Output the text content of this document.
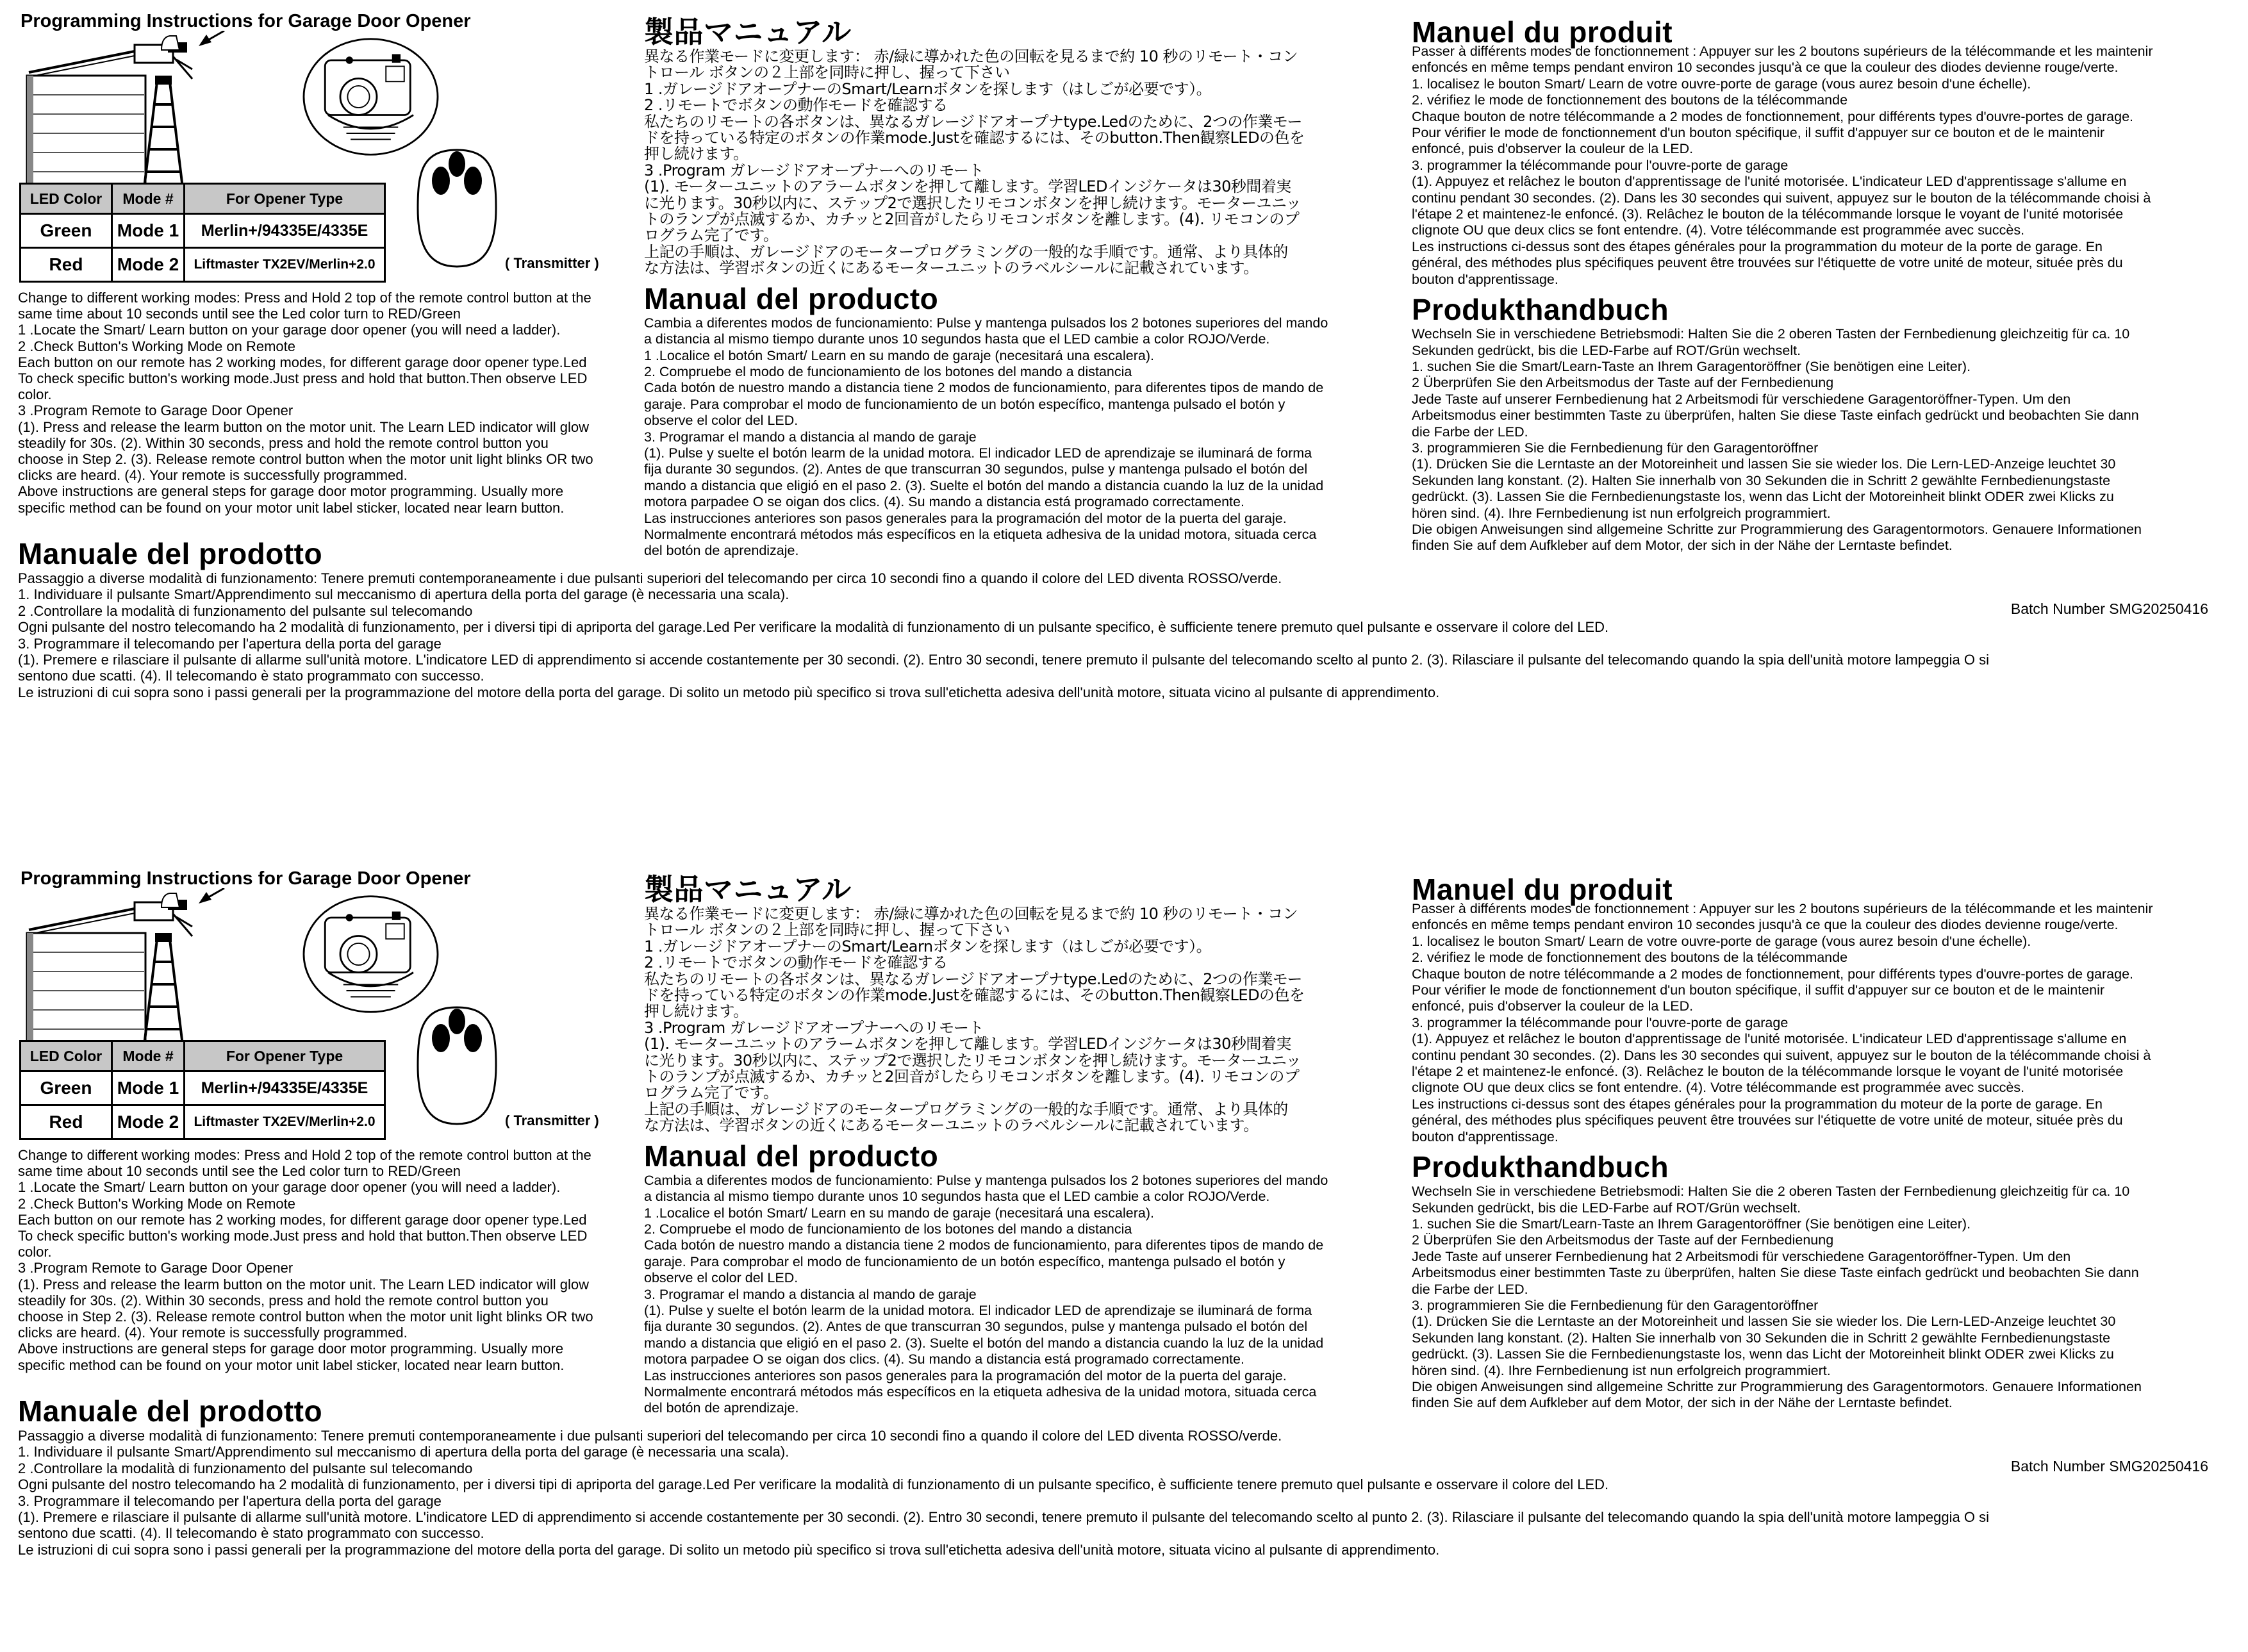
Programming Instructions for Garage Door Opener
LED Color	Mode #	For Opener Type
Green	Mode 1	Merlin+/94335E/4335E
Red	Mode 2	Liftmaster TX2EV/Merlin+2.0	( Transmitter )

Change to different working modes: Press and Hold 2 top of the remote control button at the

same time about 10 seconds until see the Led color turn to RED/Green

1 .Locate the Smart/ Learn button on your garage door opener (you will need a ladder).

2 .Check Button's Working Mode on Remote

Each button on our remote has 2 working modes, for different garage door opener type.Led

To check specific button's working mode.Just press and hold that button.Then observe LED

color.

3 .Program Remote to Garage Door Opener

(1). Press and release the learm button on the motor unit. The Learn LED indicator will glow

steadily for 30s. (2). Within 30 seconds, press and hold the remote control button you

choose in Step 2. (3). Release remote control button when the motor unit light blinks OR two

clicks are heard. (4). Your remote is successfully programmed.

Above instructions are general steps for garage door motor programming. Usually more

specific method can be found on your motor unit label sticker, located near learn button.

製品マニュアル

異なる作業モードに変更します： 赤/緑に導かれた色の回転を見るまで約 10 秒のリモート・コン

トロール ボタンの２上部を同時に押し、握って下さい

1 .ガレージドアオープナーのSmart/Learnボタンを探します（はしごが必要です）。

2 .リモートでボタンの動作モードを確認する

私たちのリモートの各ボタンは、異なるガレージドアオープナtype.Ledのために、2つの作業モー

ドを持っている特定のボタンの作業mode.Justを確認するには、そのbutton.Then観察LEDの色を

押し続けます。

3 .Program ガレージドアオープナーへのリモート

(1). モーターユニットのアラームボタンを押して離します。学習LEDインジケータは30秒間着実

に光ります。30秒以内に、ステップ2で選択したリモコンボタンを押し続けます。モーターユニッ

トのランプが点滅するか、カチッと2回音がしたらリモコンボタンを離します。(4). リモコンのプ

ログラム完了です。

上記の手順は、ガレージドアのモータープログラミングの一般的な手順です。通常、より具体的

な方法は、学習ボタンの近くにあるモーターユニットのラベルシールに記載されています。

Manual del producto

Cambia a diferentes modos de funcionamiento: Pulse y mantenga pulsados los 2 botones superiores del mando

a distancia al mismo tiempo durante unos 10 segundos hasta que el LED cambie a color ROJO/Verde.

1 .Localice el botón Smart/ Learn en su mando de garaje (necesitará una escalera).

2. Compruebe el modo de funcionamiento de los botones del mando a distancia

Cada botón de nuestro mando a distancia tiene 2 modos de funcionamiento, para diferentes tipos de mando de

garaje. Para comprobar el modo de funcionamiento de un botón específico, mantenga pulsado el botón y

observe el color del LED.

3. Programar el mando a distancia al mando de garaje

(1). Pulse y suelte el botón learm de la unidad motora. El indicador LED de aprendizaje se iluminará de forma

fija durante 30 segundos. (2). Antes de que transcurran 30 segundos, pulse y mantenga pulsado el botón del

mando a distancia que eligió en el paso 2. (3). Suelte el botón del mando a distancia cuando la luz de la unidad

motora parpadee O se oigan dos clics. (4). Su mando a distancia está programado correctamente.

Las instrucciones anteriores son pasos generales para la programación del motor de la puerta del garaje.

Normalmente encontrará métodos más específicos en la etiqueta adhesiva de la unidad motora, situada cerca

del botón de aprendizaje.

Manuel du produit

Passer à différents modes de fonctionnement : Appuyer sur les 2 boutons supérieurs de la télécommande et les maintenir

enfoncés en même temps pendant environ 10 secondes jusqu'à ce que la couleur des diodes devienne rouge/verte.

1. localisez le bouton Smart/ Learn de votre ouvre-porte de garage (vous aurez besoin d'une échelle).

2. vérifiez le mode de fonctionnement des boutons de la télécommande

Chaque bouton de notre télécommande a 2 modes de fonctionnement, pour différents types d'ouvre-portes de garage.

Pour vérifier le mode de fonctionnement d'un bouton spécifique, il suffit d'appuyer sur ce bouton et de le maintenir

enfoncé, puis d'observer la couleur de la LED.

3. programmer la télécommande pour l'ouvre-porte de garage

(1). Appuyez et relâchez le bouton d'apprentissage de l'unité motorisée. L'indicateur LED d'apprentissage s'allume en

continu pendant 30 secondes. (2). Dans les 30 secondes qui suivent, appuyez sur le bouton de la télécommande choisi à

l'étape 2 et maintenez-le enfoncé. (3). Relâchez le bouton de la télécommande lorsque le voyant de l'unité motorisée

clignote OU que deux clics se font entendre. (4). Votre télécommande est programmée avec succès.

Les instructions ci-dessus sont des étapes générales pour la programmation du moteur de la porte de garage. En

général, des méthodes plus spécifiques peuvent être trouvées sur l'étiquette de votre unité de moteur, située près du

bouton d'apprentissage.

Produkthandbuch

Wechseln Sie in verschiedene Betriebsmodi: Halten Sie die 2 oberen Tasten der Fernbedienung gleichzeitig für ca. 10

Sekunden gedrückt, bis die LED-Farbe auf ROT/Grün wechselt.

1. suchen Sie die Smart/Learn-Taste an Ihrem Garagentoröffner (Sie benötigen eine Leiter).

2 Überprüfen Sie den Arbeitsmodus der Taste auf der Fernbedienung

Jede Taste auf unserer Fernbedienung hat 2 Arbeitsmodi für verschiedene Garagentoröffner-Typen. Um den

Arbeitsmodus einer bestimmten Taste zu überprüfen, halten Sie diese Taste einfach gedrückt und beobachten Sie dann

die Farbe der LED.

3. programmieren Sie die Fernbedienung für den Garagentoröffner

(1). Drücken Sie die Lerntaste an der Motoreinheit und lassen Sie sie wieder los. Die Lern-LED-Anzeige leuchtet 30

Sekunden lang konstant. (2). Halten Sie innerhalb von 30 Sekunden die in Schritt 2 gewählte Fernbedienungstaste

gedrückt. (3). Lassen Sie die Fernbedienungstaste los, wenn das Licht der Motoreinheit blinkt ODER zwei Klicks zu

hören sind. (4). Ihre Fernbedienung ist nun erfolgreich programmiert.

Die obigen Anweisungen sind allgemeine Schritte zur Programmierung des Garagentormotors. Genauere Informationen

finden Sie auf dem Aufkleber auf dem Motor, der sich in der Nähe der Lerntaste befindet.

Batch Number SMG20250416
Manuale del prodotto

Passaggio a diverse modalità di funzionamento: Tenere premuti contemporaneamente i due pulsanti superiori del telecomando per circa 10 secondi fino a quando il colore del LED diventa ROSSO/verde.

1. Individuare il pulsante Smart/Apprendimento sul meccanismo di apertura della porta del garage (è necessaria una scala).

2 .Controllare la modalità di funzionamento del pulsante sul telecomando

Ogni pulsante del nostro telecomando ha 2 modalità di funzionamento, per i diversi tipi di apriporta del garage.Led Per verificare la modalità di funzionamento di un pulsante specifico, è sufficiente tenere premuto quel pulsante e osservare il colore del LED.

3. Programmare il telecomando per l'apertura della porta del garage

(1). Premere e rilasciare il pulsante di allarme sull'unità motore. L'indicatore LED di apprendimento si accende costantemente per 30 secondi. (2). Entro 30 secondi, tenere premuto il pulsante del telecomando scelto al punto 2. (3). Rilasciare il pulsante del telecomando quando la spia dell'unità motore lampeggia O si

sentono due scatti. (4). Il telecomando è stato programmato con successo.

Le istruzioni di cui sopra sono i passi generali per la programmazione del motore della porta del garage. Di solito un metodo più specifico si trova sull'etichetta adesiva dell'unità motore, situata vicino al pulsante di apprendimento.

Programming Instructions for Garage Door Opener
LED Color	Mode #	For Opener Type
Green	Mode 1	Merlin+/94335E/4335E
Red	Mode 2	Liftmaster TX2EV/Merlin+2.0	( Transmitter )

Change to different working modes: Press and Hold 2 top of the remote control button at the

same time about 10 seconds until see the Led color turn to RED/Green

1 .Locate the Smart/ Learn button on your garage door opener (you will need a ladder).

2 .Check Button's Working Mode on Remote

Each button on our remote has 2 working modes, for different garage door opener type.Led

To check specific button's working mode.Just press and hold that button.Then observe LED

color.

3 .Program Remote to Garage Door Opener

(1). Press and release the learm button on the motor unit. The Learn LED indicator will glow

steadily for 30s. (2). Within 30 seconds, press and hold the remote control button you

choose in Step 2. (3). Release remote control button when the motor unit light blinks OR two

clicks are heard. (4). Your remote is successfully programmed.

Above instructions are general steps for garage door motor programming. Usually more

specific method can be found on your motor unit label sticker, located near learn button.

製品マニュアル

異なる作業モードに変更します： 赤/緑に導かれた色の回転を見るまで約 10 秒のリモート・コン

トロール ボタンの２上部を同時に押し、握って下さい

1 .ガレージドアオープナーのSmart/Learnボタンを探します（はしごが必要です）。

2 .リモートでボタンの動作モードを確認する

私たちのリモートの各ボタンは、異なるガレージドアオープナtype.Ledのために、2つの作業モー

ドを持っている特定のボタンの作業mode.Justを確認するには、そのbutton.Then観察LEDの色を

押し続けます。

3 .Program ガレージドアオープナーへのリモート

(1). モーターユニットのアラームボタンを押して離します。学習LEDインジケータは30秒間着実

に光ります。30秒以内に、ステップ2で選択したリモコンボタンを押し続けます。モーターユニッ

トのランプが点滅するか、カチッと2回音がしたらリモコンボタンを離します。(4). リモコンのプ

ログラム完了です。

上記の手順は、ガレージドアのモータープログラミングの一般的な手順です。通常、より具体的

な方法は、学習ボタンの近くにあるモーターユニットのラベルシールに記載されています。

Manual del producto

Cambia a diferentes modos de funcionamiento: Pulse y mantenga pulsados los 2 botones superiores del mando

a distancia al mismo tiempo durante unos 10 segundos hasta que el LED cambie a color ROJO/Verde.

1 .Localice el botón Smart/ Learn en su mando de garaje (necesitará una escalera).

2. Compruebe el modo de funcionamiento de los botones del mando a distancia

Cada botón de nuestro mando a distancia tiene 2 modos de funcionamiento, para diferentes tipos de mando de

garaje. Para comprobar el modo de funcionamiento de un botón específico, mantenga pulsado el botón y

observe el color del LED.

3. Programar el mando a distancia al mando de garaje

(1). Pulse y suelte el botón learm de la unidad motora. El indicador LED de aprendizaje se iluminará de forma

fija durante 30 segundos. (2). Antes de que transcurran 30 segundos, pulse y mantenga pulsado el botón del

mando a distancia que eligió en el paso 2. (3). Suelte el botón del mando a distancia cuando la luz de la unidad

motora parpadee O se oigan dos clics. (4). Su mando a distancia está programado correctamente.

Las instrucciones anteriores son pasos generales para la programación del motor de la puerta del garaje.

Normalmente encontrará métodos más específicos en la etiqueta adhesiva de la unidad motora, situada cerca

del botón de aprendizaje.

Manuel du produit

Passer à différents modes de fonctionnement : Appuyer sur les 2 boutons supérieurs de la télécommande et les maintenir

enfoncés en même temps pendant environ 10 secondes jusqu'à ce que la couleur des diodes devienne rouge/verte.

1. localisez le bouton Smart/ Learn de votre ouvre-porte de garage (vous aurez besoin d'une échelle).

2. vérifiez le mode de fonctionnement des boutons de la télécommande

Chaque bouton de notre télécommande a 2 modes de fonctionnement, pour différents types d'ouvre-portes de garage.

Pour vérifier le mode de fonctionnement d'un bouton spécifique, il suffit d'appuyer sur ce bouton et de le maintenir

enfoncé, puis d'observer la couleur de la LED.

3. programmer la télécommande pour l'ouvre-porte de garage

(1). Appuyez et relâchez le bouton d'apprentissage de l'unité motorisée. L'indicateur LED d'apprentissage s'allume en

continu pendant 30 secondes. (2). Dans les 30 secondes qui suivent, appuyez sur le bouton de la télécommande choisi à

l'étape 2 et maintenez-le enfoncé. (3). Relâchez le bouton de la télécommande lorsque le voyant de l'unité motorisée

clignote OU que deux clics se font entendre. (4). Votre télécommande est programmée avec succès.

Les instructions ci-dessus sont des étapes générales pour la programmation du moteur de la porte de garage. En

général, des méthodes plus spécifiques peuvent être trouvées sur l'étiquette de votre unité de moteur, située près du

bouton d'apprentissage.

Produkthandbuch

Wechseln Sie in verschiedene Betriebsmodi: Halten Sie die 2 oberen Tasten der Fernbedienung gleichzeitig für ca. 10

Sekunden gedrückt, bis die LED-Farbe auf ROT/Grün wechselt.

1. suchen Sie die Smart/Learn-Taste an Ihrem Garagentoröffner (Sie benötigen eine Leiter).

2 Überprüfen Sie den Arbeitsmodus der Taste auf der Fernbedienung

Jede Taste auf unserer Fernbedienung hat 2 Arbeitsmodi für verschiedene Garagentoröffner-Typen. Um den

Arbeitsmodus einer bestimmten Taste zu überprüfen, halten Sie diese Taste einfach gedrückt und beobachten Sie dann

die Farbe der LED.

3. programmieren Sie die Fernbedienung für den Garagentoröffner

(1). Drücken Sie die Lerntaste an der Motoreinheit und lassen Sie sie wieder los. Die Lern-LED-Anzeige leuchtet 30

Sekunden lang konstant. (2). Halten Sie innerhalb von 30 Sekunden die in Schritt 2 gewählte Fernbedienungstaste

gedrückt. (3). Lassen Sie die Fernbedienungstaste los, wenn das Licht der Motoreinheit blinkt ODER zwei Klicks zu

hören sind. (4). Ihre Fernbedienung ist nun erfolgreich programmiert.

Die obigen Anweisungen sind allgemeine Schritte zur Programmierung des Garagentormotors. Genauere Informationen

finden Sie auf dem Aufkleber auf dem Motor, der sich in der Nähe der Lerntaste befindet.

Batch Number SMG20250416
Manuale del prodotto

Passaggio a diverse modalità di funzionamento: Tenere premuti contemporaneamente i due pulsanti superiori del telecomando per circa 10 secondi fino a quando il colore del LED diventa ROSSO/verde.

1. Individuare il pulsante Smart/Apprendimento sul meccanismo di apertura della porta del garage (è necessaria una scala).

2 .Controllare la modalità di funzionamento del pulsante sul telecomando

Ogni pulsante del nostro telecomando ha 2 modalità di funzionamento, per i diversi tipi di apriporta del garage.Led Per verificare la modalità di funzionamento di un pulsante specifico, è sufficiente tenere premuto quel pulsante e osservare il colore del LED.

3. Programmare il telecomando per l'apertura della porta del garage

(1). Premere e rilasciare il pulsante di allarme sull'unità motore. L'indicatore LED di apprendimento si accende costantemente per 30 secondi. (2). Entro 30 secondi, tenere premuto il pulsante del telecomando scelto al punto 2. (3). Rilasciare il pulsante del telecomando quando la spia dell'unità motore lampeggia O si

sentono due scatti. (4). Il telecomando è stato programmato con successo.

Le istruzioni di cui sopra sono i passi generali per la programmazione del motore della porta del garage. Di solito un metodo più specifico si trova sull'etichetta adesiva dell'unità motore, situata vicino al pulsante di apprendimento.
